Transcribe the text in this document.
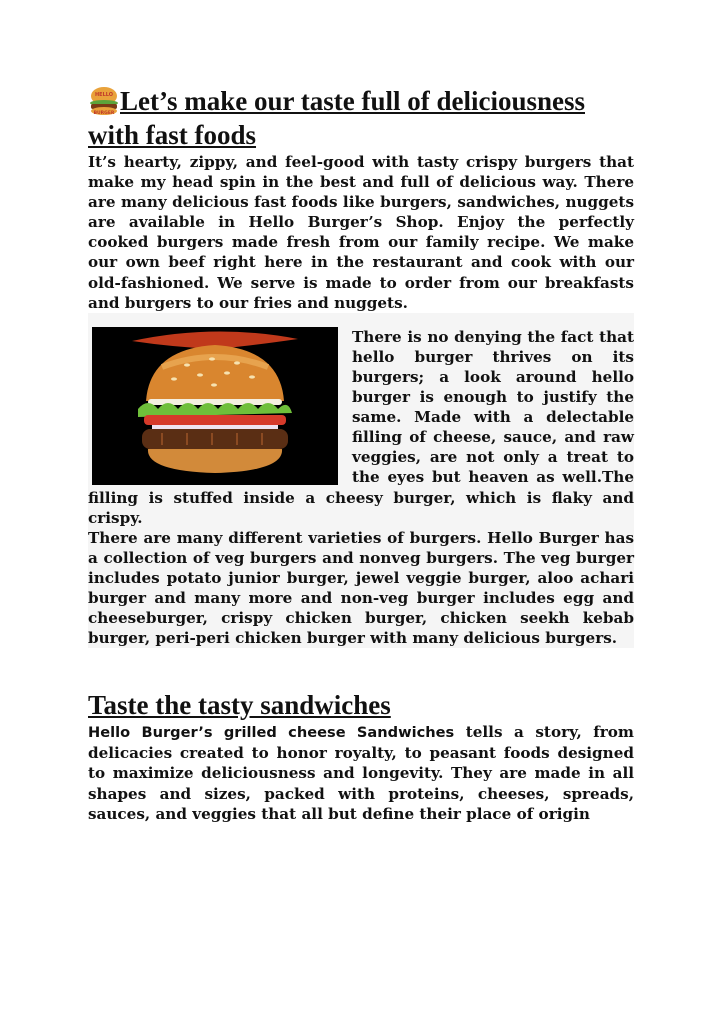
HELLO
BURGER Let’s make our taste full of deliciousness with fast foods

It’s hearty, zippy, and feel-good with tasty crispy burgers that make my head spin in the best and full of delicious way. There are many delicious fast foods like burgers, sandwiches, nuggets are available in Hello Burger’s Shop. Enjoy the perfectly cooked burgers made fresh from our family recipe. We make our own beef right here in the restaurant and cook with our old-fashioned. We serve is made to order from our breakfasts and burgers to our fries and nuggets.

There is no denying the fact that hello burger thrives on its burgers; a look around hello burger is enough to justify the same. Made with a delectable filling of cheese, sauce, and raw veggies, are not only a treat to the eyes but heaven as well.The filling is stuffed inside a cheesy burger, which is flaky and crispy.

There are many different varieties of burgers. Hello Burger has a collection of veg burgers and nonveg burgers. The veg burger includes potato junior burger, jewel veggie burger, aloo achari burger and many more and non-veg burger includes egg and cheeseburger, crispy chicken burger, chicken seekh kebab burger, peri-peri chicken burger with many delicious burgers.

Taste the tasty sandwiches

Hello Burger’s grilled cheese Sandwiches tells a story, from delicacies created to honor royalty, to peasant foods designed to maximize deliciousness and longevity. They are made in all shapes and sizes, packed with proteins, cheeses, spreads, sauces, and veggies that all but define their place of origin
